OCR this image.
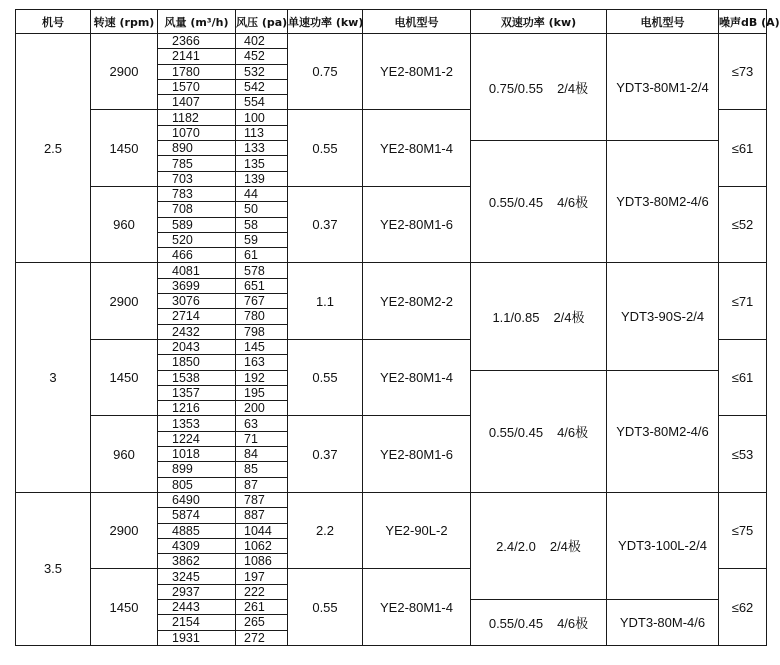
机号	转速 (rpm)	风量 (m³/h)	风压 (pa)	单速功率 (kw)	电机型号	双速功率 (kw)	电机型号	噪声dB (A)
2.5	2900	2366	402	0.75	YE2-80M1-2	0.75/0.55 2/4极	YDT3-80M1-2/4	≤73
		2141	452					
		1780	532					
		1570	542					
		1407	554					
	1450	1182	100	0.55	YE2-80M1-4			≤61
		1070	113					
		890	133			0.55/0.45 4/6极	YDT3-80M2-4/6	
		785	135					
		703	139					
	960	783	44	0.37	YE2-80M1-6			≤52
		708	50					
		589	58					
		520	59					
		466	61					
3	2900	4081	578	1.1	YE2-80M2-2	1.1/0.85 2/4极	YDT3-90S-2/4	≤71
		3699	651					
		3076	767					
		2714	780					
		2432	798					
	1450	2043	145	0.55	YE2-80M1-4			≤61
		1850	163					
		1538	192			0.55/0.45 4/6极	YDT3-80M2-4/6	
		1357	195					
		1216	200					
	960	1353	63	0.37	YE2-80M1-6			≤53
		1224	71					
		1018	84					
		899	85					
		805	87					
3.5	2900	6490	787	2.2	YE2-90L-2	2.4/2.0 2/4极	YDT3-100L-2/4	≤75
		5874	887					
		4885	1044					
		4309	1062					
		3862	1086					
	1450	3245	197	0.55	YE2-80M1-4			≤62
		2937	222					
		2443	261			0.55/0.45 4/6极	YDT3-80M-4/6	
		2154	265					
		1931	272					
